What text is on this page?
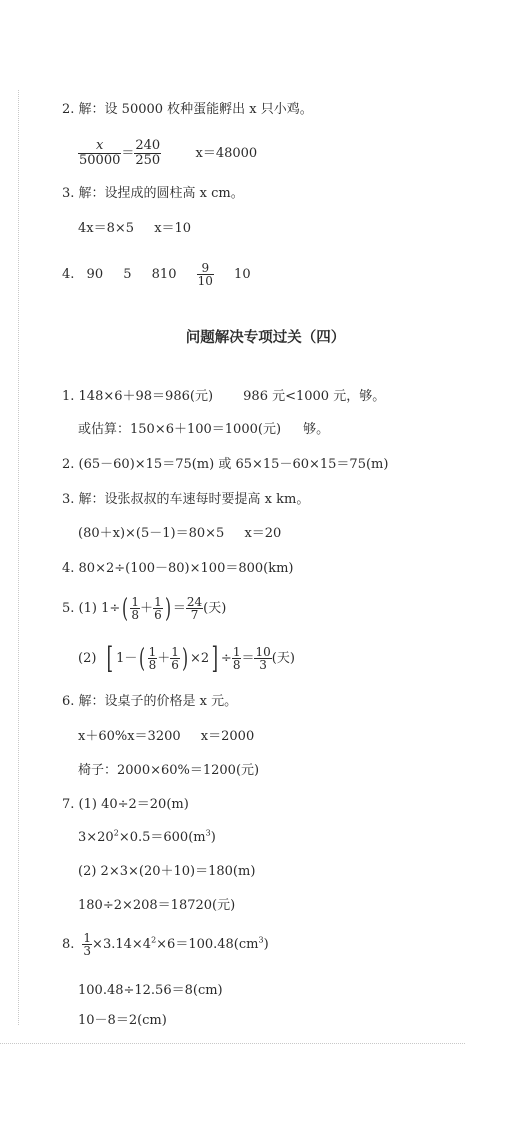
2. 解：设 50000 枚种蛋能孵出 x 只小鸡。
$\frac{x}{50000} = \frac{240}{250}$	x＝48000
3. 解：设捏成的圆柱高 x cm。
4x＝8×5 x＝10
4. 90 5 $810 \frac{9}{10} 10$
问题解决专项过关（四）
1. 148×6＋98＝986(元) 986 元<1000 元，够。
或估算：150×6＋100＝1000(元) 够。
2. (65－60)×15＝75(m) 或 65×15－60×15＝75(m)
3. 解：设张叔叔的车速每时要提高 x km。
(80＋x)×(5－1)＝80×5 x＝20
4. 80×2÷(100－80)×100＝800(km)
5. (1) $1\div( \frac{1}{8} + \frac{1}{6}$ ) ＝ $\frac{24}{7}$ (天)
(2) [ $1-( \frac{1}{8} + \frac{1}{6}$ ) $\times 2] \div \frac{1}{8} = \frac{10}{3}$ (天)
6. 解：设桌子的价格是 x 元。
x＋60%x＝3200 x＝2000
椅子：2000×60%＝1200(元)
7. (1) 40÷2＝20(m)
$3\times 20^2\times 0.5=600(m^3)$
(2) 2×3×(20＋10)＝180(m)
180÷2×208＝18720(元)
8. $\frac{1}{3} \times 3.14\times 4^2\times 6=100.48(cm^3)$
100.48÷12.56＝8(cm)
10－8＝2(cm)
